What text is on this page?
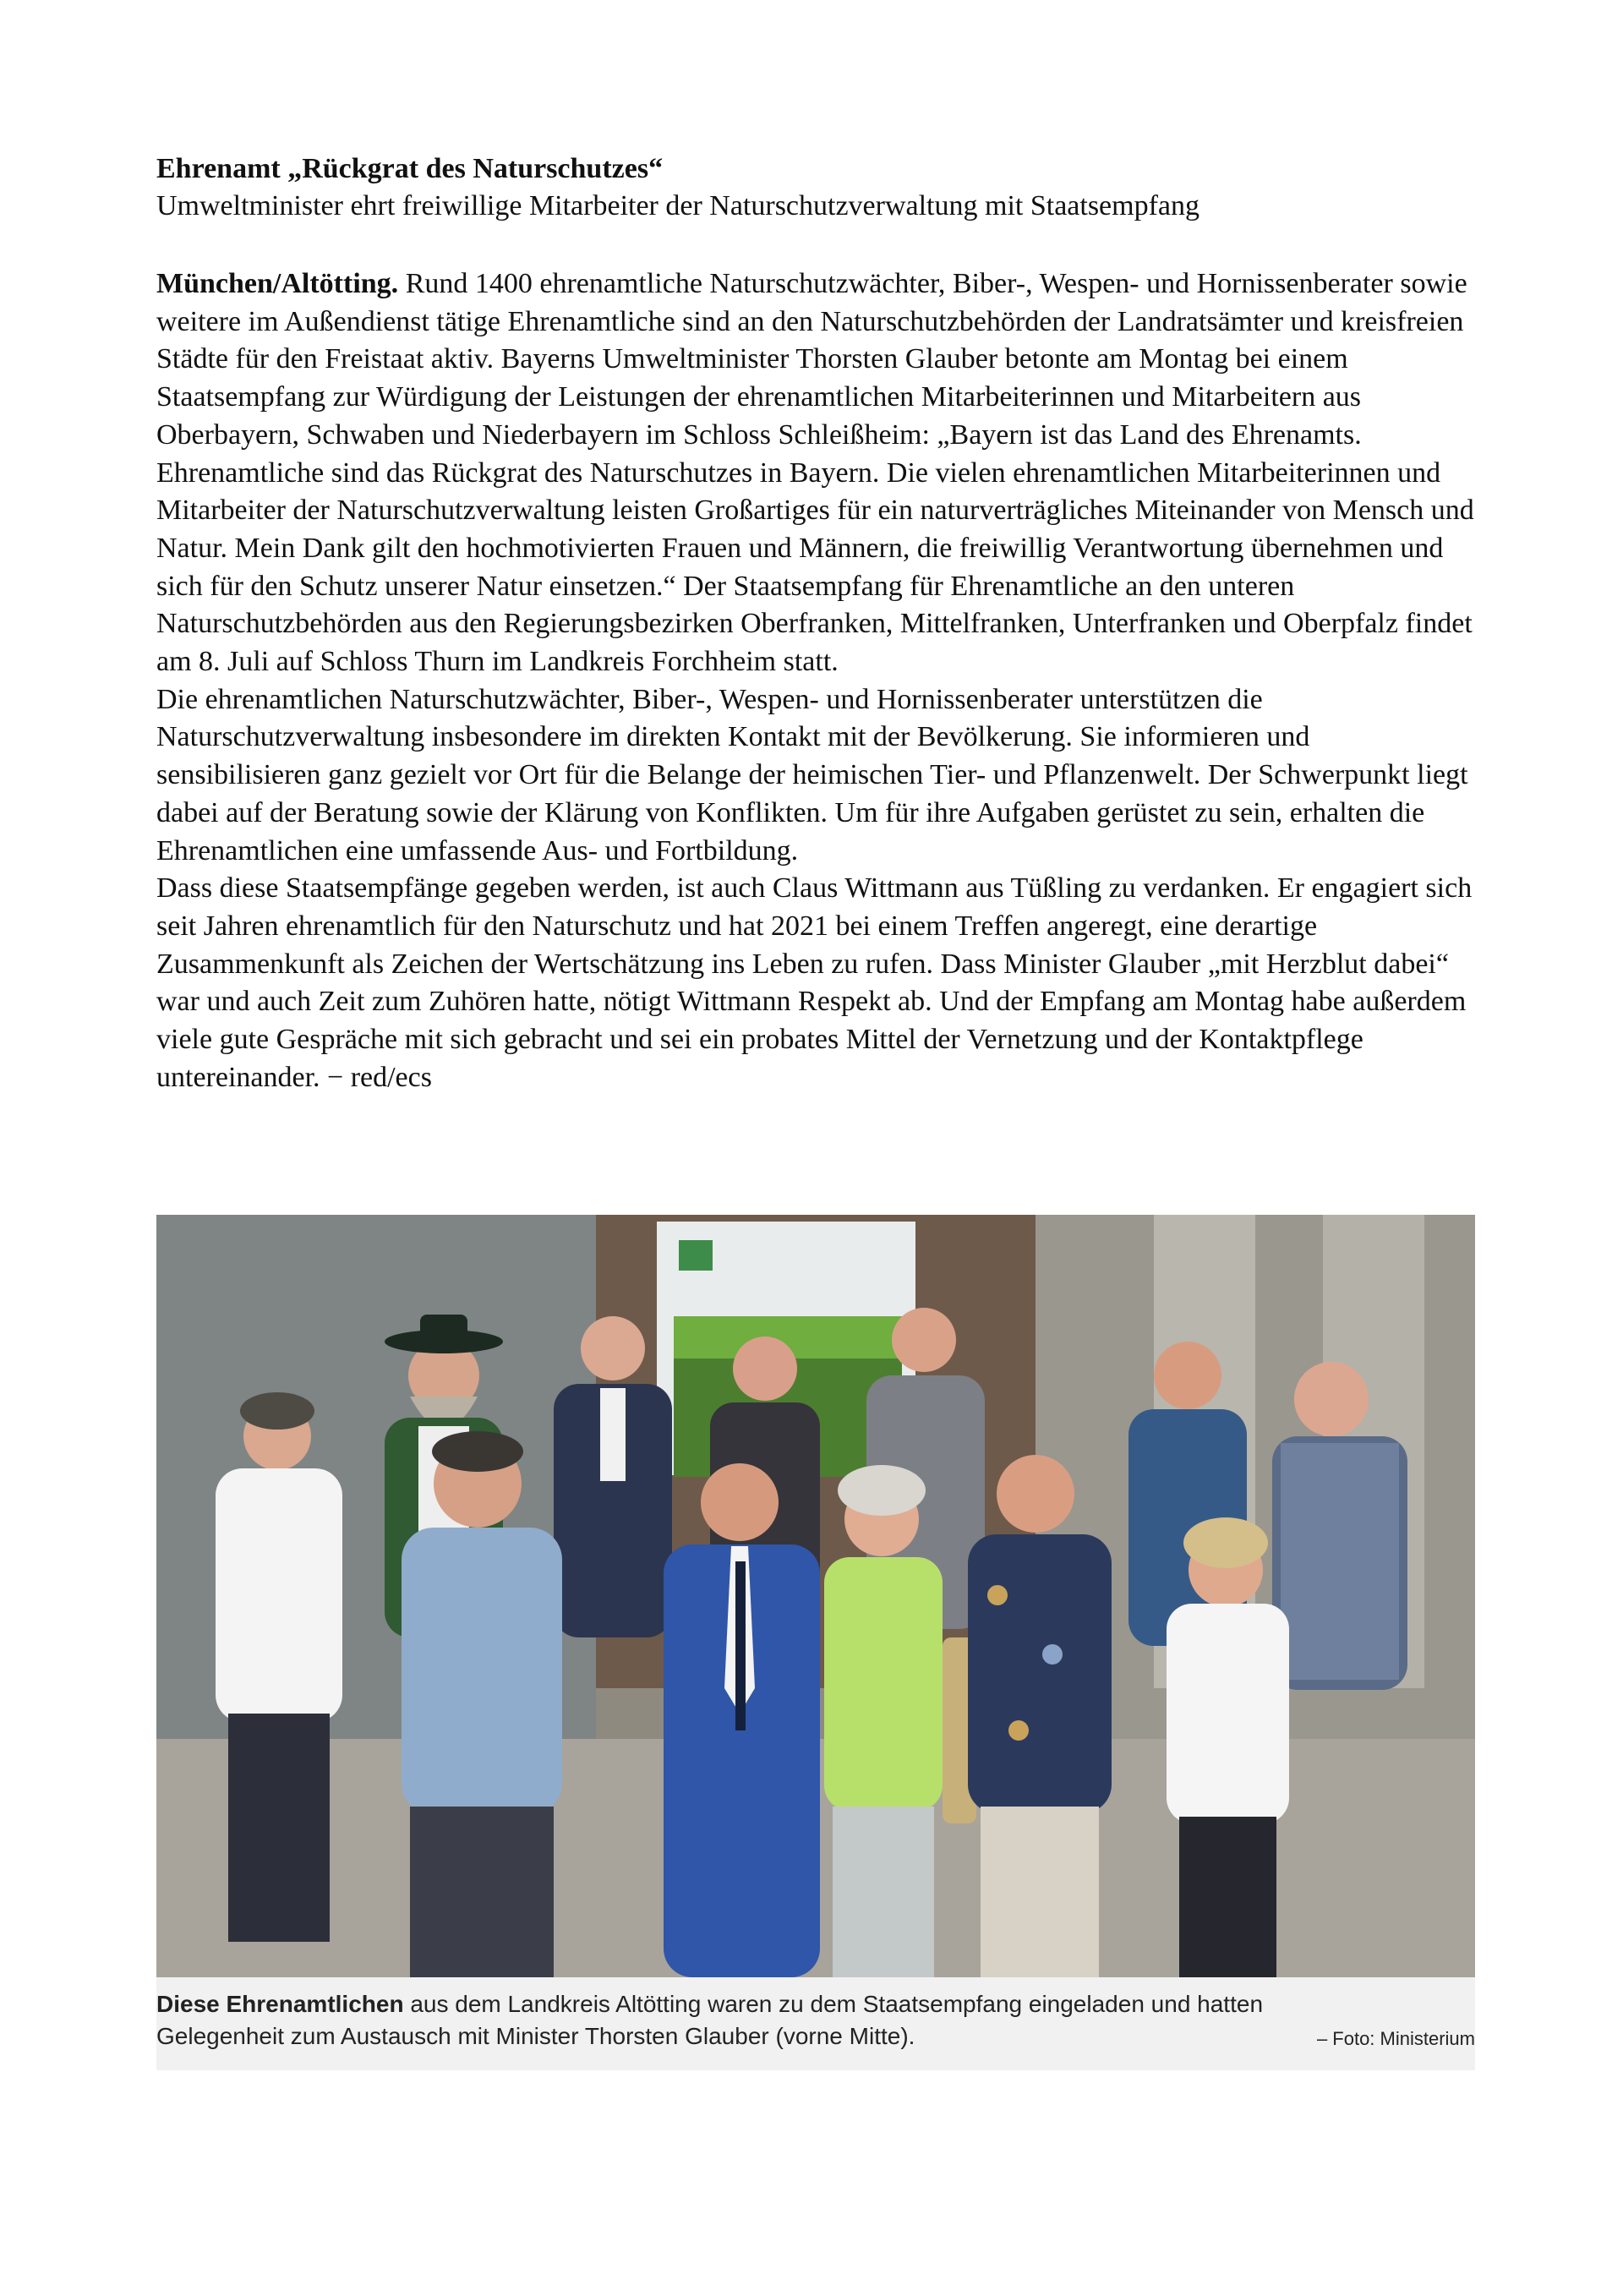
Ehrenamt „Rückgrat des Naturschutzes“

Umweltminister ehrt freiwillige Mitarbeiter der Naturschutzverwaltung mit Staatsempfang

München/Altötting. Rund 1400 ehrenamtliche Naturschutzwächter, Biber-, Wespen- und Hornissenberater sowie weitere im Außendienst tätige Ehrenamtliche sind an den Naturschutzbehörden der Landratsämter und kreisfreien Städte für den Freistaat aktiv. Bayerns Umweltminister Thorsten Glauber betonte am Montag bei einem Staatsempfang zur Würdigung der Leistungen der ehrenamtlichen Mitarbeiterinnen und Mitarbeitern aus Oberbayern, Schwaben und Niederbayern im Schloss Schleißheim: „Bayern ist das Land des Ehrenamts. Ehrenamtliche sind das Rückgrat des Naturschutzes in Bayern. Die vielen ehrenamtlichen Mitarbeiterinnen und Mitarbeiter der Naturschutzverwaltung leisten Großartiges für ein naturverträgliches Miteinander von Mensch und Natur. Mein Dank gilt den hochmotivierten Frauen und Männern, die freiwillig Verantwortung übernehmen und sich für den Schutz unserer Natur einsetzen.“ Der Staatsempfang für Ehrenamtliche an den unteren Naturschutzbehörden aus den Regierungsbezirken Oberfranken, Mittelfranken, Unterfranken und Oberpfalz findet am 8. Juli auf Schloss Thurn im Landkreis Forchheim statt.

Die ehrenamtlichen Naturschutzwächter, Biber-, Wespen- und Hornissenberater unterstützen die Naturschutzverwaltung insbesondere im direkten Kontakt mit der Bevölkerung. Sie informieren und sensibilisieren ganz gezielt vor Ort für die Belange der heimischen Tier- und Pflanzenwelt. Der Schwerpunkt liegt dabei auf der Beratung sowie der Klärung von Konflikten. Um für ihre Aufgaben gerüstet zu sein, erhalten die Ehrenamtlichen eine umfassende Aus- und Fortbildung.

Dass diese Staatsempfänge gegeben werden, ist auch Claus Wittmann aus Tüßling zu verdanken. Er engagiert sich seit Jahren ehrenamtlich für den Naturschutz und hat 2021 bei einem Treffen angeregt, eine derartige Zusammenkunft als Zeichen der Wertschätzung ins Leben zu rufen. Dass Minister Glauber „mit Herzblut dabei“ war und auch Zeit zum Zuhören hatte, nötigt Wittmann Respekt ab. Und der Empfang am Montag habe außerdem viele gute Gespräche mit sich gebracht und sei ein probates Mittel der Vernetzung und der Kontaktpflege untereinander. − red/ecs

Diese Ehrenamtlichen aus dem Landkreis Altötting waren zu dem Staatsempfang eingeladen und hatten
Gelegenheit zum Austausch mit Minister Thorsten Glauber (vorne Mitte).	– Foto: Ministerium
